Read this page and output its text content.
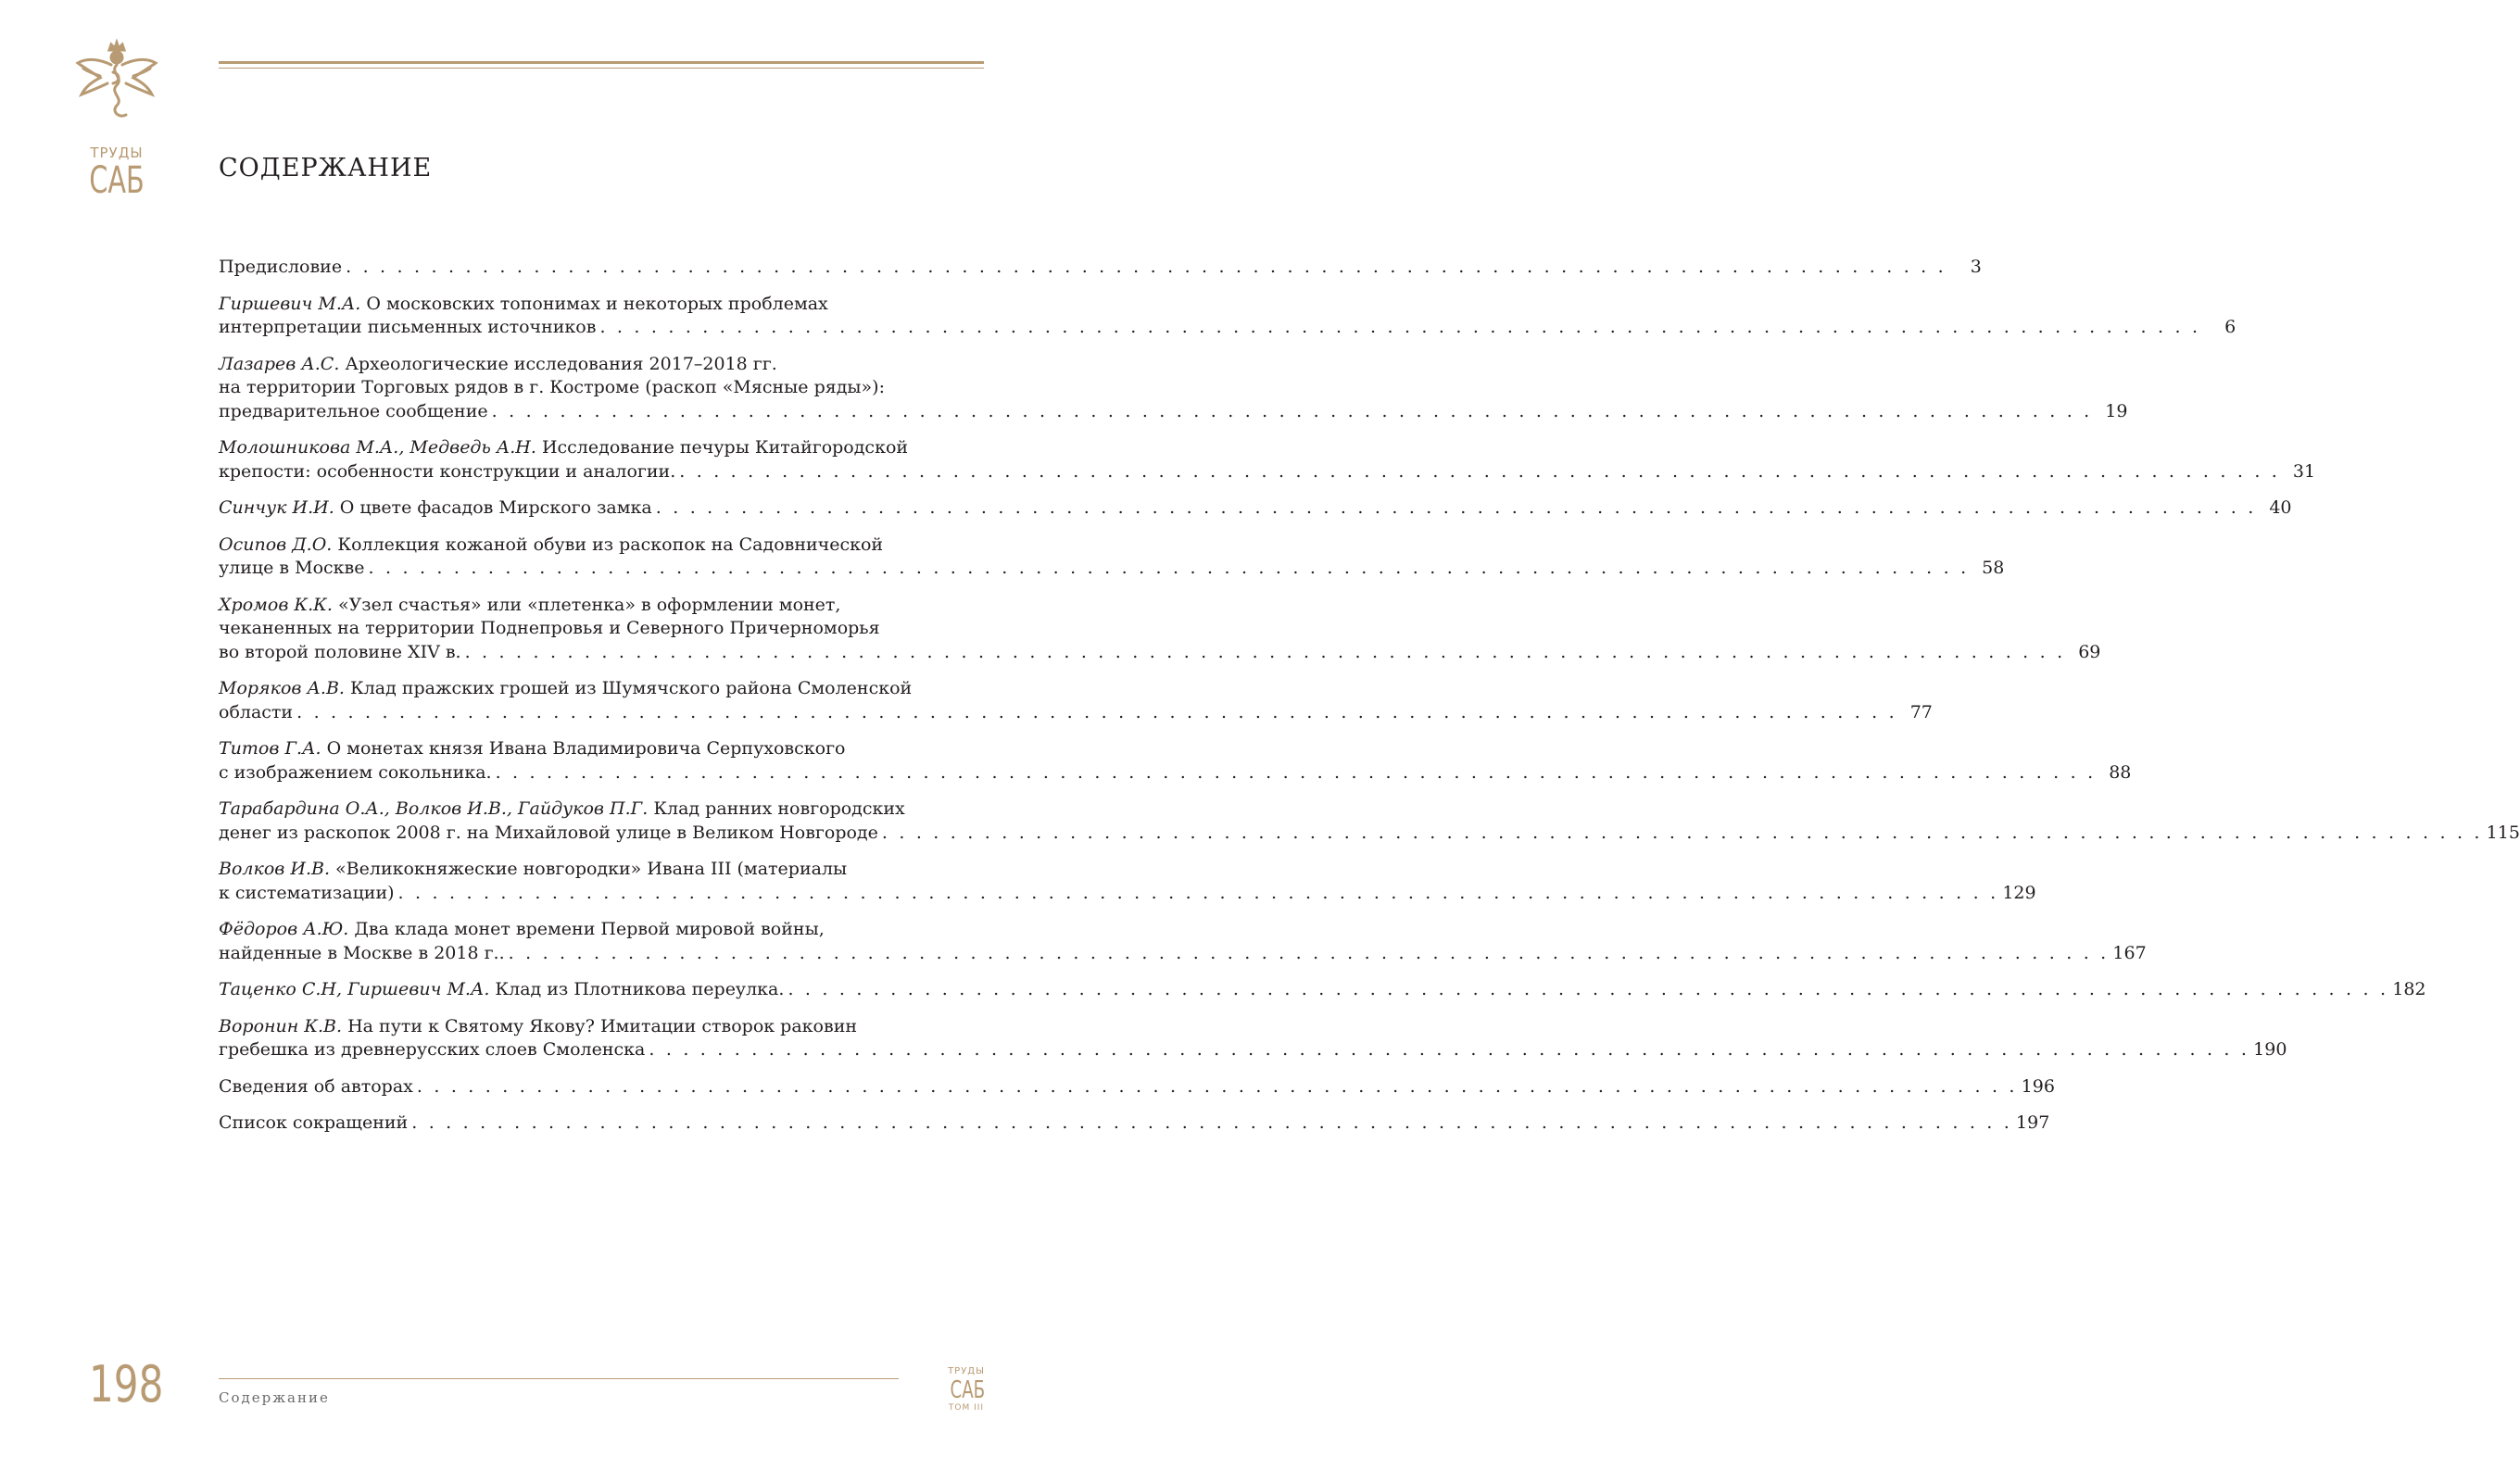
ТРУДЫ
САБ	СОДЕРЖАНИЕ
Предисловие . . . . . . . . . . . . . . . . . . . . . . . . . . . . . . . . . . . . . . . . . . . . . . . . . . . . . . . . . . . . . . . . . . . . . . . . . . . . . . . . . . . . . . . . . . . . . .	3
Гиршевич М.А. О московских топонимах и некоторых проблемах
интерпретации письменных источников . . . . . . . . . . . . . . . . . . . . . . . . . . . . . . . . . . . . . . . . . . . . . . . . . . . . . . . . . . . . . . . . . . . . . . . . . . . . . . . . . . . . . . . . . . . . . .	6
Лазарев А.С. Археологические исследования 2017–2018 гг.
на территории Торговых рядов в г. Костроме (раскоп «Мясные ряды»):
предварительное сообщение . . . . . . . . . . . . . . . . . . . . . . . . . . . . . . . . . . . . . . . . . . . . . . . . . . . . . . . . . . . . . . . . . . . . . . . . . . . . . . . . . . . . . . . . . . . . . . 19
Молошникова М.А., Медведь А.Н. Исследование печуры Китайгородской
крепости: особенности конструкции и аналогии. . . . . . . . . . . . . . . . . . . . . . . . . . . . . . . . . . . . . . . . . . . . . . . . . . . . . . . . . . . . . . . . . . . . . . . . . . . . . . . . . . . . . . . . . . . . . . . 31
Синчук И.И. О цвете фасадов Мирского замка . . . . . . . . . . . . . . . . . . . . . . . . . . . . . . . . . . . . . . . . . . . . . . . . . . . . . . . . . . . . . . . . . . . . . . . . . . . . . . . . . . . . . . . . . . . . . . 40
Осипов Д.О. Коллекция кожаной обуви из раскопок на Садовнической
улице в Москве . . . . . . . . . . . . . . . . . . . . . . . . . . . . . . . . . . . . . . . . . . . . . . . . . . . . . . . . . . . . . . . . . . . . . . . . . . . . . . . . . . . . . . . . . . . . . . 58
Хромов К.К. «Узел счастья» или «плетенка» в оформлении монет,
чеканенных на территории Поднепровья и Северного Причерноморья
во второй половине XIV в. . . . . . . . . . . . . . . . . . . . . . . . . . . . . . . . . . . . . . . . . . . . . . . . . . . . . . . . . . . . . . . . . . . . . . . . . . . . . . . . . . . . . . . . . . . . . . . 69
Моряков А.В. Клад пражских грошей из Шумячского района Смоленской
области . . . . . . . . . . . . . . . . . . . . . . . . . . . . . . . . . . . . . . . . . . . . . . . . . . . . . . . . . . . . . . . . . . . . . . . . . . . . . . . . . . . . . . . . . . . . . . 77
Титов Г.А. О монетах князя Ивана Владимировича Серпуховского
с изображением сокольника. . . . . . . . . . . . . . . . . . . . . . . . . . . . . . . . . . . . . . . . . . . . . . . . . . . . . . . . . . . . . . . . . . . . . . . . . . . . . . . . . . . . . . . . . . . . . . . 88
Тарабардина О.А., Волков И.В., Гайдуков П.Г. Клад ранних новгородских
денег из раскопок 2008 г. на Михайловой улице в Великом Новгороде . . . . . . . . . . . . . . . . . . . . . . . . . . . . . . . . . . . . . . . . . . . . . . . . . . . . . . . . . . . . . . . . . . . . . . . . . . . . . . . . . . . . . . . . . . . . . . 115
Волков И.В. «Великокняжеские новгородки» Ивана III (материалы
к систематизации) . . . . . . . . . . . . . . . . . . . . . . . . . . . . . . . . . . . . . . . . . . . . . . . . . . . . . . . . . . . . . . . . . . . . . . . . . . . . . . . . . . . . . . . . . . . . . . 129
Фёдоров А.Ю. Два клада монет времени Первой мировой войны,
найденные в Москве в 2018 г.. . . . . . . . . . . . . . . . . . . . . . . . . . . . . . . . . . . . . . . . . . . . . . . . . . . . . . . . . . . . . . . . . . . . . . . . . . . . . . . . . . . . . . . . . . . . . . . 167
Таценко С.Н, Гиршевич М.А. Клад из Плотникова переулка. . . . . . . . . . . . . . . . . . . . . . . . . . . . . . . . . . . . . . . . . . . . . . . . . . . . . . . . . . . . . . . . . . . . . . . . . . . . . . . . . . . . . . . . . . . . . . . 182
Воронин К.В. На пути к Святому Якову? Имитации створок раковин
гребешка из древнерусских слоев Смоленска . . . . . . . . . . . . . . . . . . . . . . . . . . . . . . . . . . . . . . . . . . . . . . . . . . . . . . . . . . . . . . . . . . . . . . . . . . . . . . . . . . . . . . . . . . . . . . 190
Сведения об авторах . . . . . . . . . . . . . . . . . . . . . . . . . . . . . . . . . . . . . . . . . . . . . . . . . . . . . . . . . . . . . . . . . . . . . . . . . . . . . . . . . . . . . . . . . . . . . . 196
Список сокращений . . . . . . . . . . . . . . . . . . . . . . . . . . . . . . . . . . . . . . . . . . . . . . . . . . . . . . . . . . . . . . . . . . . . . . . . . . . . . . . . . . . . . . . . . . . . . . 197
198	Содержание
ТРУДЫ
САБ
ТОМ III
